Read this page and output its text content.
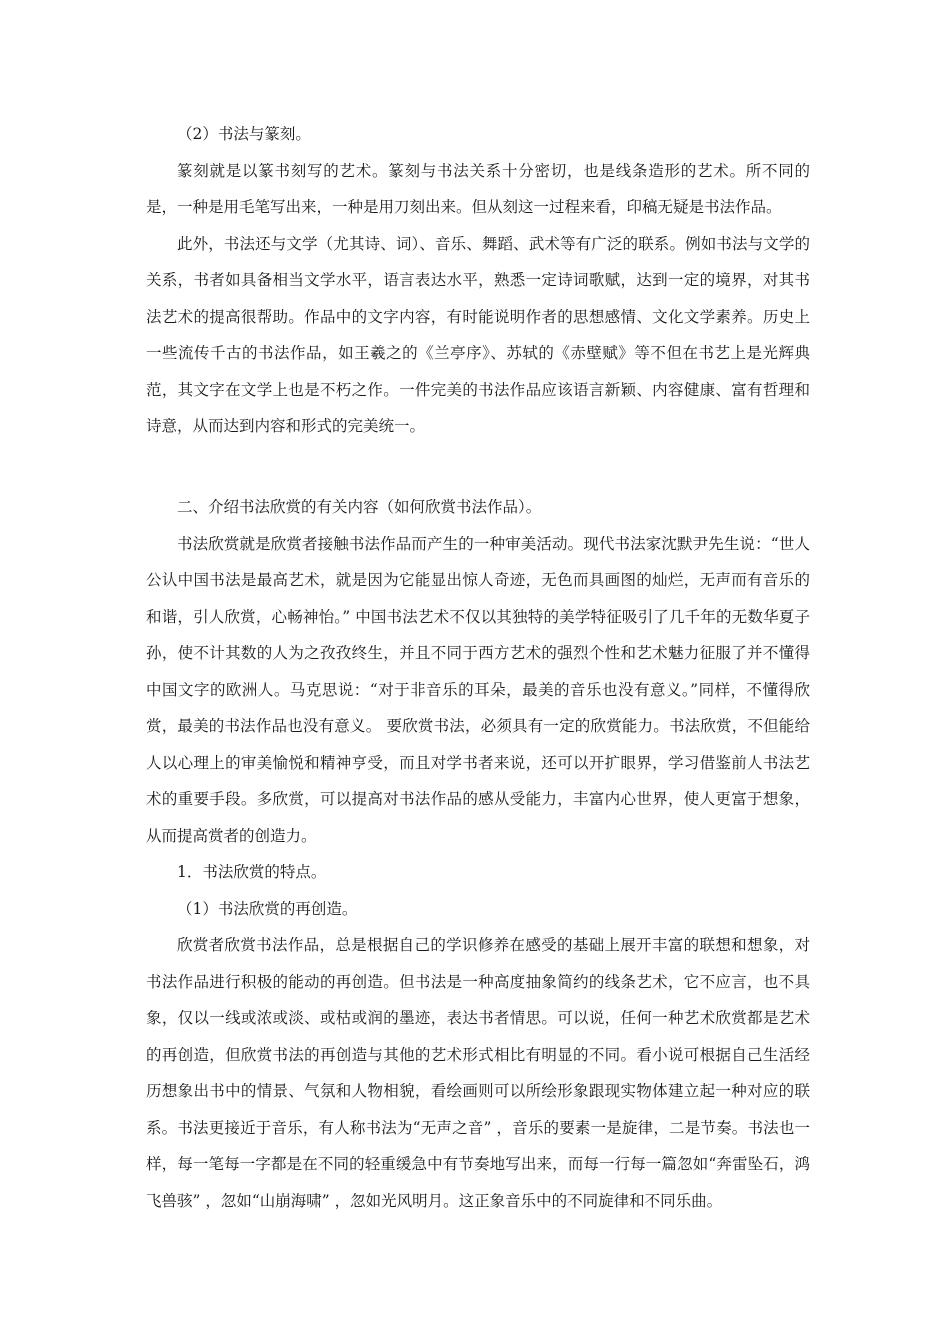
（2）书法与篆刻。

篆刻就是以篆书刻写的艺术。篆刻与书法关系十分密切，也是线条造形的艺术。所不同的是，一种是用毛笔写出来，一种是用刀刻出来。但从刻这一过程来看，印稿无疑是书法作品。

此外，书法还与文学（尤其诗、词）、音乐、舞蹈、武术等有广泛的联系。例如书法与文学的关系，书者如具备相当文学水平，语言表达水平，熟悉一定诗词歌赋，达到一定的境界，对其书法艺术的提高很帮助。作品中的文字内容，有时能说明作者的思想感情、文化文学素养。历史上一些流传千古的书法作品，如王羲之的《兰亭序》、苏轼的《赤壁赋》等不但在书艺上是光辉典范，其文字在文学上也是不朽之作。一件完美的书法作品应该语言新颖、内容健康、富有哲理和诗意，从而达到内容和形式的完美统一。

二、介绍书法欣赏的有关内容（如何欣赏书法作品）。

书法欣赏就是欣赏者接触书法作品而产生的一种审美活动。现代书法家沈默尹先生说：“世人公认中国书法是最高艺术，就是因为它能显出惊人奇迹，无色而具画图的灿烂，无声而有音乐的和谐，引人欣赏，心畅神怡。” 中国书法艺术不仅以其独特的美学特征吸引了几千年的无数华夏子孙，使不计其数的人为之孜孜终生，并且不同于西方艺术的强烈个性和艺术魅力征服了并不懂得中国文字的欧洲人。马克思说：“对于非音乐的耳朵，最美的音乐也没有意义。”同样，不懂得欣赏，最美的书法作品也没有意义。 要欣赏书法，必须具有一定的欣赏能力。书法欣赏，不但能给人以心理上的审美愉悦和精神亨受，而且对学书者来说，还可以开扩眼界，学习借鉴前人书法艺术的重要手段。多欣赏，可以提高对书法作品的感从受能力，丰富内心世界，使人更富于想象，从而提高赏者的创造力。

1．书法欣赏的特点。

（1）书法欣赏的再创造。

欣赏者欣赏书法作品，总是根据自己的学识修养在感受的基础上展开丰富的联想和想象，对书法作品进行积极的能动的再创造。但书法是一种高度抽象简约的线条艺术，它不应言，也不具象，仅以一线或浓或淡、或枯或润的墨迹，表达书者情思。可以说，任何一种艺术欣赏都是艺术的再创造，但欣赏书法的再创造与其他的艺术形式相比有明显的不同。看小说可根据自己生活经历想象出书中的情景、气氛和人物相貌，看绘画则可以所绘形象跟现实物体建立起一种对应的联系。书法更接近于音乐，有人称书法为“无声之音” ，音乐的要素一是旋律，二是节奏。书法也一样，每一笔每一字都是在不同的轻重缓急中有节奏地写出来，而每一行每一篇忽如“奔雷坠石，鸿飞兽骇” ，忽如“山崩海啸” ，忽如光风明月。这正象音乐中的不同旋律和不同乐曲。
